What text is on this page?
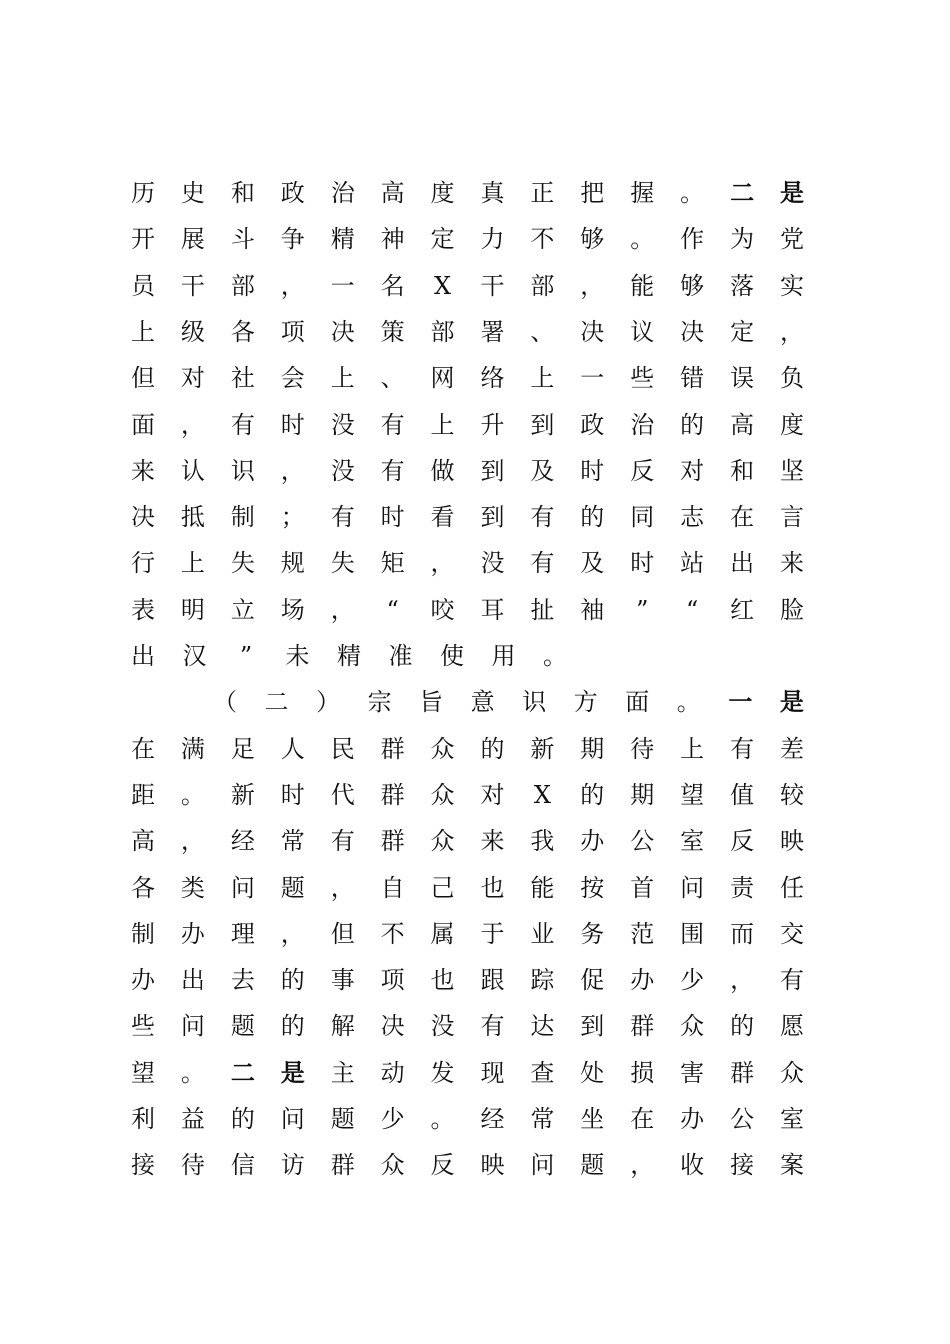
历 史 和 政 治 高 度 真 正 把 握 。 二 是
开 展 斗 争 精 神 定 力 不 够 。 作 为 党
员 干 部 ， 一 名 X 干 部 ， 能 够 落 实
上 级 各 项 决 策 部 署 、 决 议 决 定 ，
但 对 社 会 上 、 网 络 上 一 些 错 误 负
面 ， 有 时 没 有 上 升 到 政 治 的 高 度
来 认 识 ， 没 有 做 到 及 时 反 对 和 坚
决 抵 制 ； 有 时 看 到 有 的 同 志 在 言
行 上 失 规 失 矩 ， 没 有 及 时 站 出 来
表 明 立 场 ， “ 咬 耳 扯 袖 ” “ 红 脸
出 汉 ” 未 精 准 使 用 。
（ 二 ） 宗 旨 意 识 方 面 。 一 是
在 满 足 人 民 群 众 的 新 期 待 上 有 差
距 。 新 时 代 群 众 对 X 的 期 望 值 较
高 ， 经 常 有 群 众 来 我 办 公 室 反 映
各 类 问 题 ， 自 己 也 能 按 首 问 责 任
制 办 理 ， 但 不 属 于 业 务 范 围 而 交
办 出 去 的 事 项 也 跟 踪 促 办 少 ， 有
些 问 题 的 解 决 没 有 达 到 群 众 的 愿
望 。 二 是 主 动 发 现 查 处 损 害 群 众
利 益 的 问 题 少 。 经 常 坐 在 办 公 室
接 待 信 访 群 众 反 映 问 题 ， 收 接 案
